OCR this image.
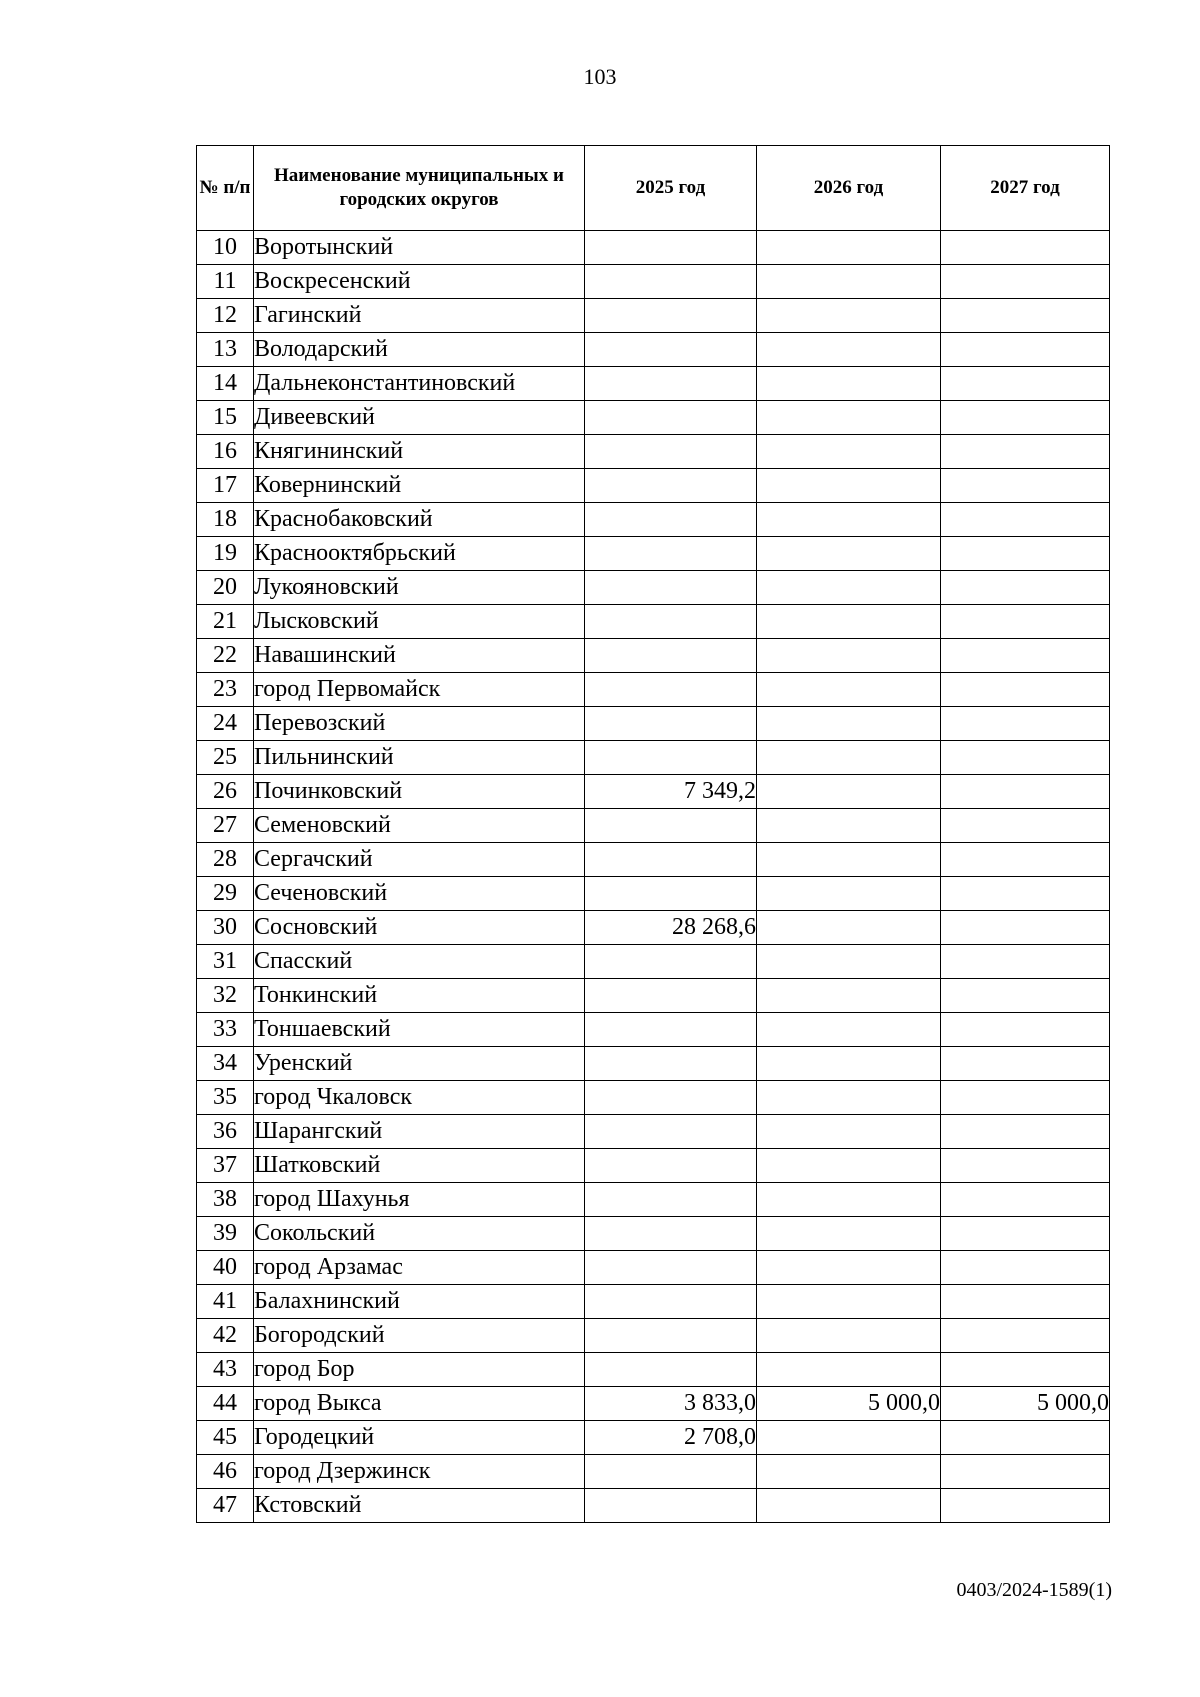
103
№ п/п	Наименование муниципальных и городских округов	2025 год	2026 год	2027 год
10	Воротынский			
11	Воскресенский			
12	Гагинский			
13	Володарский			
14	Дальнеконстантиновский			
15	Дивеевский			
16	Княгининский			
17	Ковернинский			
18	Краснобаковский			
19	Краснооктябрьский			
20	Лукояновский			
21	Лысковский			
22	Навашинский			
23	город Первомайск			
24	Перевозский			
25	Пильнинский			
26	Починковский	7 349,2		
27	Семеновский			
28	Сергачский			
29	Сеченовский			
30	Сосновский	28 268,6		
31	Спасский			
32	Тонкинский			
33	Тоншаевский			
34	Уренский			
35	город Чкаловск			
36	Шарангский			
37	Шатковский			
38	город Шахунья			
39	Сокольский			
40	город Арзамас			
41	Балахнинский			
42	Богородский			
43	город Бор			
44	город Выкса	3 833,0	5 000,0	5 000,0
45	Городецкий	2 708,0		
46	город Дзержинск			
47	Кстовский			
0403/2024-1589(1)
